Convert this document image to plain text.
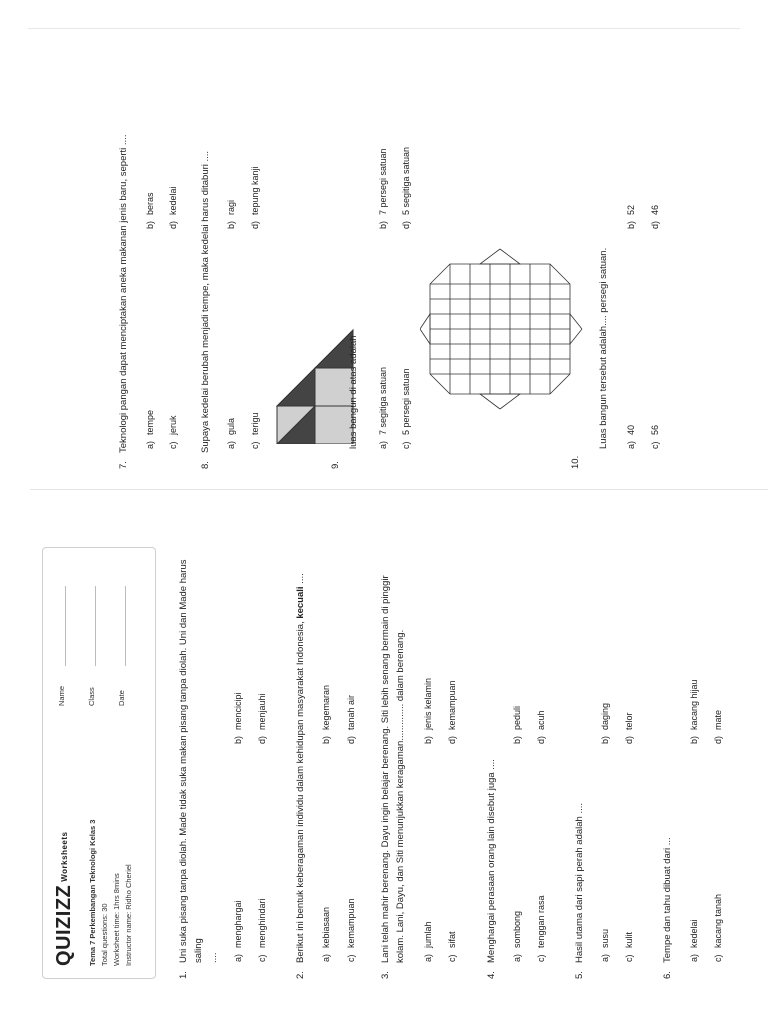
QUIZIZZWorksheets	Tema 7 Perkembangan Teknologi Kelas 3 Total questions: 30 Worksheet time: 1hrs 8mins Instructor name: Ridho Cheriel
Name	Class	Date
1.Uni suka pisang tanpa diolah. Made tidak suka makan pisang tanpa diolah. Uni dan Made harus saling .... a)menghargai
b)mencicipi
c)menghindari
d)menjauhi
2.Berikut ini bentuk keberagaman individu dalam kehidupan masyarakat Indonesia, kecuali ....
a)kebiasaan
b)kegemaran
c)kemampuan
d)tanah air
3.Lani telah mahir berenang. Dayu ingin belajar berenang. Siti lebih senang bermain di pinggir kolam. Lani, Dayu, dan Siti menunjukkan keragaman.............. dalam berenang. a)jumlah
b)jenis kelamin
c)sifat
d)kemampuan
4.Menghargai perasaan orang lain disebut juga .... a)sombong
b)peduli
c)tenggan rasa
d)acuh
5.Hasil utama dari sapi perah adalah .... a)susu
b)daging
c)kulit
d)telor
6.Tempe dan tahu dibuat dari ... a)kedelai
b)kacang hijau
c)kacang tanah
d)mate
7.Teknologi pangan dapat menciptakan aneka makanan jenis baru, seperti .... a)tempe
b)beras
c)jeruk
d)kedelai
8.Supaya kedelai berubah menjadi tempe, maka kedelai harus ditaburi .... a)gula
b)ragi
c)terigu
d)tepung kanji
9.
luas bangun di atas adalah a)7 segitiga satuan
b)7 persegi satuan
c)5 persegi satuan
d)5 segitiga satuan
10.
Luas bangun tersebut adalah.... persegi satuan. a)40
b)52
c)56
d)46
